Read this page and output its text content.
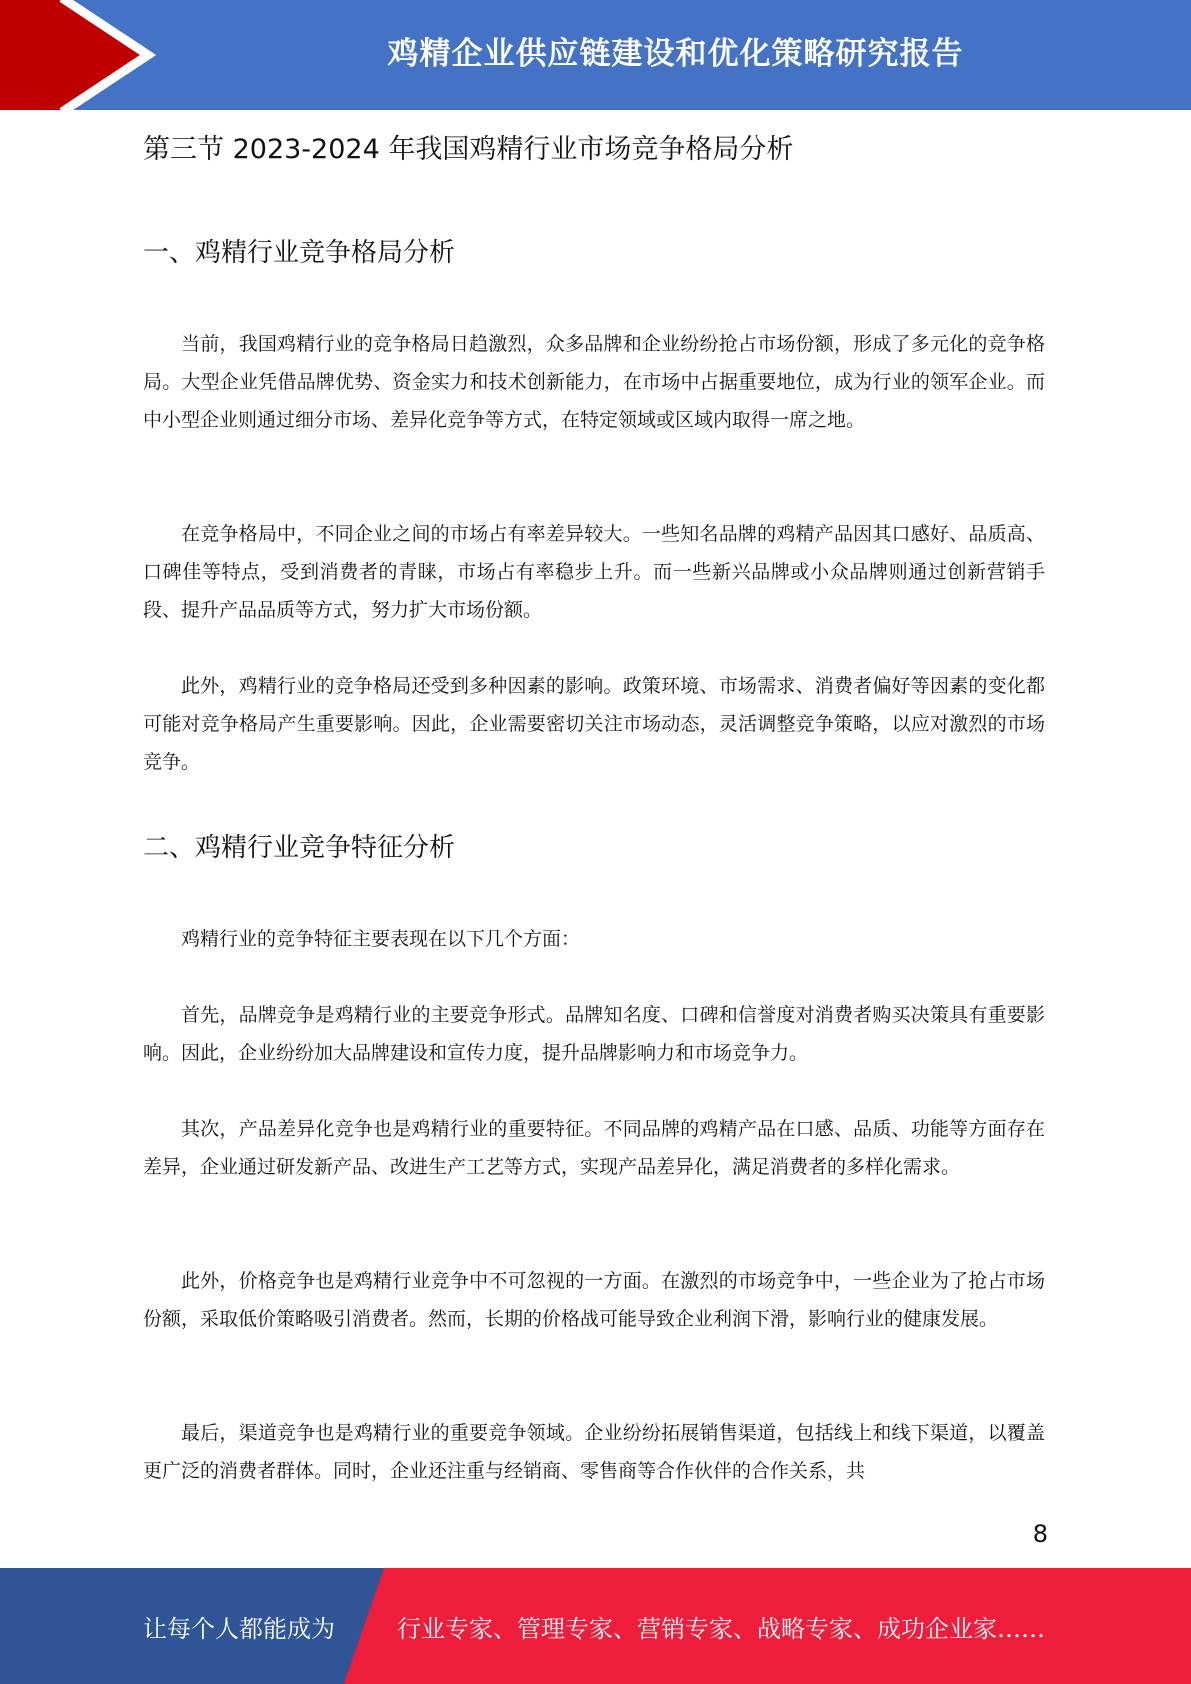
鸡精企业供应链建设和优化策略研究报告
第三节 2023-2024 年我国鸡精行业市场竞争格局分析
一、鸡精行业竞争格局分析

当前，我国鸡精行业的竞争格局日趋激烈，众多品牌和企业纷纷抢占市场份额，形成了多元化的竞争格局。大型企业凭借品牌优势、资金实力和技术创新能力，在市场中占据重要地位，成为行业的领军企业。而中小型企业则通过细分市场、差异化竞争等方式，在特定领域或区域内取得一席之地。

在竞争格局中，不同企业之间的市场占有率差异较大。一些知名品牌的鸡精产品因其口感好、品质高、口碑佳等特点，受到消费者的青睐，市场占有率稳步上升。而一些新兴品牌或小众品牌则通过创新营销手段、提升产品品质等方式，努力扩大市场份额。

此外，鸡精行业的竞争格局还受到多种因素的影响。政策环境、市场需求、消费者偏好等因素的变化都可能对竞争格局产生重要影响。因此，企业需要密切关注市场动态，灵活调整竞争策略，以应对激烈的市场竞争。

二、鸡精行业竞争特征分析

鸡精行业的竞争特征主要表现在以下几个方面：

首先，品牌竞争是鸡精行业的主要竞争形式。品牌知名度、口碑和信誉度对消费者购买决策具有重要影响。因此，企业纷纷加大品牌建设和宣传力度，提升品牌影响力和市场竞争力。

其次，产品差异化竞争也是鸡精行业的重要特征。不同品牌的鸡精产品在口感、品质、功能等方面存在差异，企业通过研发新产品、改进生产工艺等方式，实现产品差异化，满足消费者的多样化需求。

此外，价格竞争也是鸡精行业竞争中不可忽视的一方面。在激烈的市场竞争中，一些企业为了抢占市场份额，采取低价策略吸引消费者。然而，长期的价格战可能导致企业利润下滑，影响行业的健康发展。

最后，渠道竞争也是鸡精行业的重要竞争领域。企业纷纷拓展销售渠道，包括线上和线下渠道，以覆盖更广泛的消费者群体。同时，企业还注重与经销商、零售商等合作伙伴的合作关系，共

8
让每个人都能成为	行业专家、管理专家、营销专家、战略专家、成功企业家……
